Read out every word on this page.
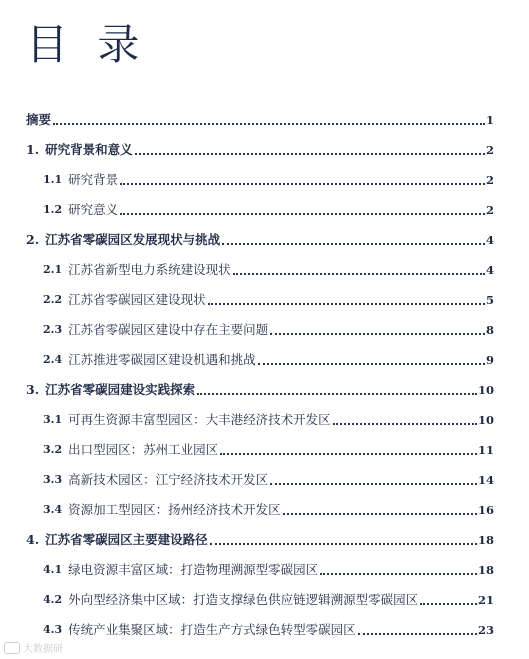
目 录
摘要	1
1. 研究背景和意义	2
1.1 研究背景	2
1.2 研究意义	2
2. 江苏省零碳园区发展现状与挑战	4
2.1 江苏省新型电力系统建设现状	4
2.2 江苏省零碳园区建设现状	5
2.3 江苏省零碳园区建设中存在主要问题	8
2.4 江苏推进零碳园区建设机遇和挑战	9
3. 江苏省零碳园建设实践探索	10
3.1 可再生资源丰富型园区：大丰港经济技术开发区	10
3.2 出口型园区：苏州工业园区	11
3.3 高新技术园区：江宁经济技术开发区	14
3.4 资源加工型园区：扬州经济技术开发区	16
4. 江苏省零碳园区主要建设路径	18
4.1 绿电资源丰富区域：打造物理溯源型零碳园区	18
4.2 外向型经济集中区域：打造支撑绿色供应链逻辑溯源型零碳园区	21
4.3 传统产业集聚区域：打造生产方式绿色转型零碳园区	23
大数据研
